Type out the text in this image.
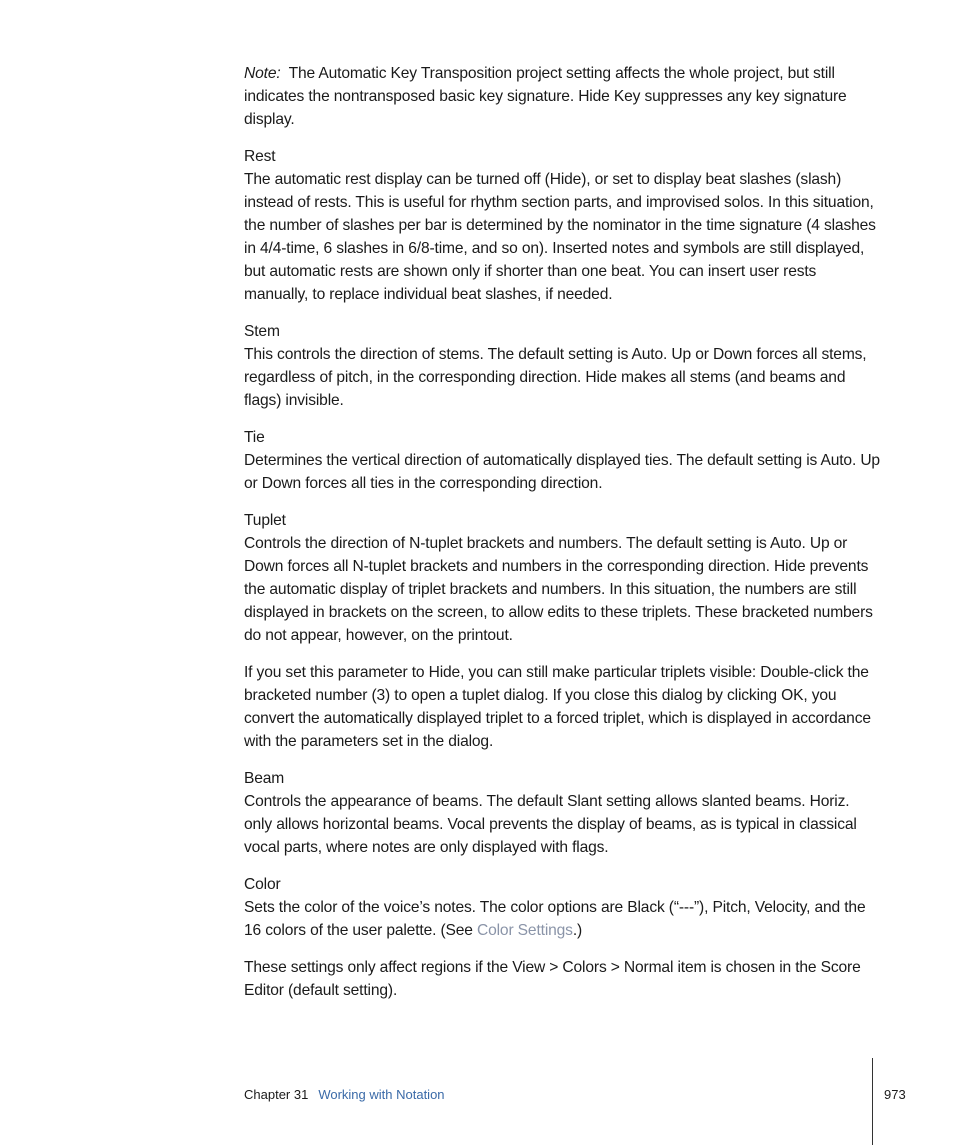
Note: The Automatic Key Transposition project setting affects the whole project, but still indicates the nontransposed basic key signature. Hide Key suppresses any key signature display.

Rest
The automatic rest display can be turned off (Hide), or set to display beat slashes (slash) instead of rests. This is useful for rhythm section parts, and improvised solos. In this situation, the number of slashes per bar is determined by the nominator in the time signature (4 slashes in 4/4-time, 6 slashes in 6/8-time, and so on). Inserted notes and symbols are still displayed, but automatic rests are shown only if shorter than one beat. You can insert user rests manually, to replace individual beat slashes, if needed.

Stem
This controls the direction of stems. The default setting is Auto. Up or Down forces all stems, regardless of pitch, in the corresponding direction. Hide makes all stems (and beams and flags) invisible.

Tie
Determines the vertical direction of automatically displayed ties. The default setting is Auto. Up or Down forces all ties in the corresponding direction.

Tuplet
Controls the direction of N-tuplet brackets and numbers. The default setting is Auto. Up or Down forces all N-tuplet brackets and numbers in the corresponding direction. Hide prevents the automatic display of triplet brackets and numbers. In this situation, the numbers are still displayed in brackets on the screen, to allow edits to these triplets. These bracketed numbers do not appear, however, on the printout.

If you set this parameter to Hide, you can still make particular triplets visible: Double-click the bracketed number (3) to open a tuplet dialog. If you close this dialog by clicking OK, you convert the automatically displayed triplet to a forced triplet, which is displayed in accordance with the parameters set in the dialog.

Beam
Controls the appearance of beams. The default Slant setting allows slanted beams. Horiz. only allows horizontal beams. Vocal prevents the display of beams, as is typical in classical vocal parts, where notes are only displayed with flags.

Color
Sets the color of the voice’s notes. The color options are Black (“---”), Pitch, Velocity, and the 16 colors of the user palette. (See Color Settings.)

These settings only affect regions if the View > Colors > Normal item is chosen in the Score Editor (default setting).

Chapter 31 Working with Notation	973
